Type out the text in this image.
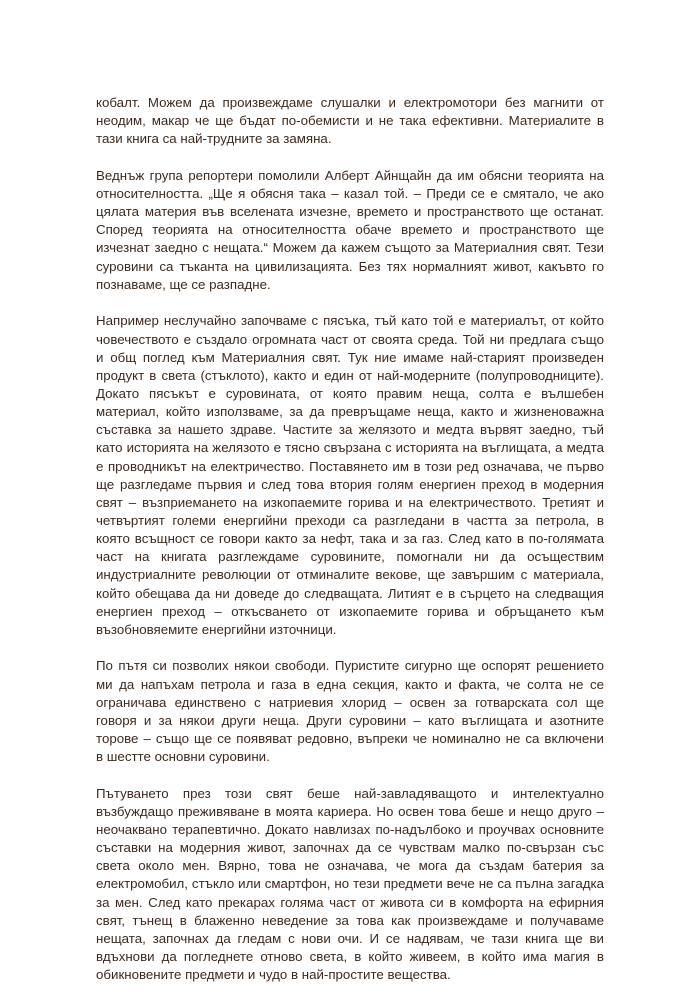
кобалт. Можем да произвеждаме слушалки и електромотори без магнити от
неодим, макар че ще бъдат по-обемисти и не така ефективни. Материалите в
тази книга са най-трудните за замяна.
Веднъж група репортери помолили Алберт Айнщайн да им обясни теорията на
относителността. „Ще я обясня така – казал той. – Преди се е смятало, че ако
цялата материя във вселената изчезне, времето и пространството ще останат.
Според теорията на относителността обаче времето и пространството ще
изчезнат заедно с нещата.“ Можем да кажем същото за Материалния свят. Тези
суровини са тъканта на цивилизацията. Без тях нормалният живот, какъвто го
познаваме, ще се разпадне.
Например неслучайно започваме с пясъка, тъй като той е материалът, от който
човечеството е създало огромната част от своята среда. Той ни предлага също
и общ поглед към Материалния свят. Тук ние имаме най-старият произведен
продукт в света (стъклото), както и един от най-модерните (полупроводниците).
Докато пясъкът е суровината, от която правим неща, солта е вълшебен
материал, който използваме, за да превръщаме неща, както и жизненоважна
съставка за нашето здраве. Частите за желязото и медта вървят заедно, тъй
като историята на желязото е тясно свързана с историята на въглищата, а медта
е проводникът на електричество. Поставянето им в този ред означава, че първо
ще разгледаме първия и след това втория голям енергиен преход в модерния
свят – възприемането на изкопаемите горива и на електричеството. Третият и
четвъртият големи енергийни преходи са разгледани в частта за петрола, в
която всъщност се говори както за нефт, така и за газ. След като в по-голямата
част на книгата разглеждаме суровините, помогнали ни да осъществим
индустриалните революции от отминалите векове, ще завършим с материала,
който обещава да ни доведе до следващата. Литият е в сърцето на следващия
енергиен преход – откъсването от изкопаемите горива и обръщането към
възобновяемите енергийни източници.
По пътя си позволих някои свободи. Пуристите сигурно ще оспорят решението
ми да напъхам петрола и газа в една секция, както и факта, че солта не се
ограничава единствено с натриевия хлорид – освен за готварската сол ще
говоря и за някои други неща. Други суровини – като въглищата и азотните
торове – също ще се появяват редовно, въпреки че номинално не са включени
в шестте основни суровини.
Пътуването през този свят беше най-завладяващото и интелектуално
възбуждащо преживяване в моята кариера. Но освен това беше и нещо друго –
неочаквано терапевтично. Докато навлизах по-надълбоко и проучвах основните
съставки на модерния живот, започнах да се чувствам малко по-свързан със
света около мен. Вярно, това не означава, че мога да създам батерия за
електромобил, стъкло или смартфон, но тези предмети вече не са пълна загадка
за мен. След като прекарах голяма част от живота си в комфорта на ефирния
свят, тънещ в блаженно неведение за това как произвеждаме и получаваме
нещата, започнах да гледам с нови очи. И се надявам, че тази книга ще ви
вдъхнови да погледнете отново света, в който живеем, в който има магия в
обикновените предмети и чудо в най-простите вещества.
